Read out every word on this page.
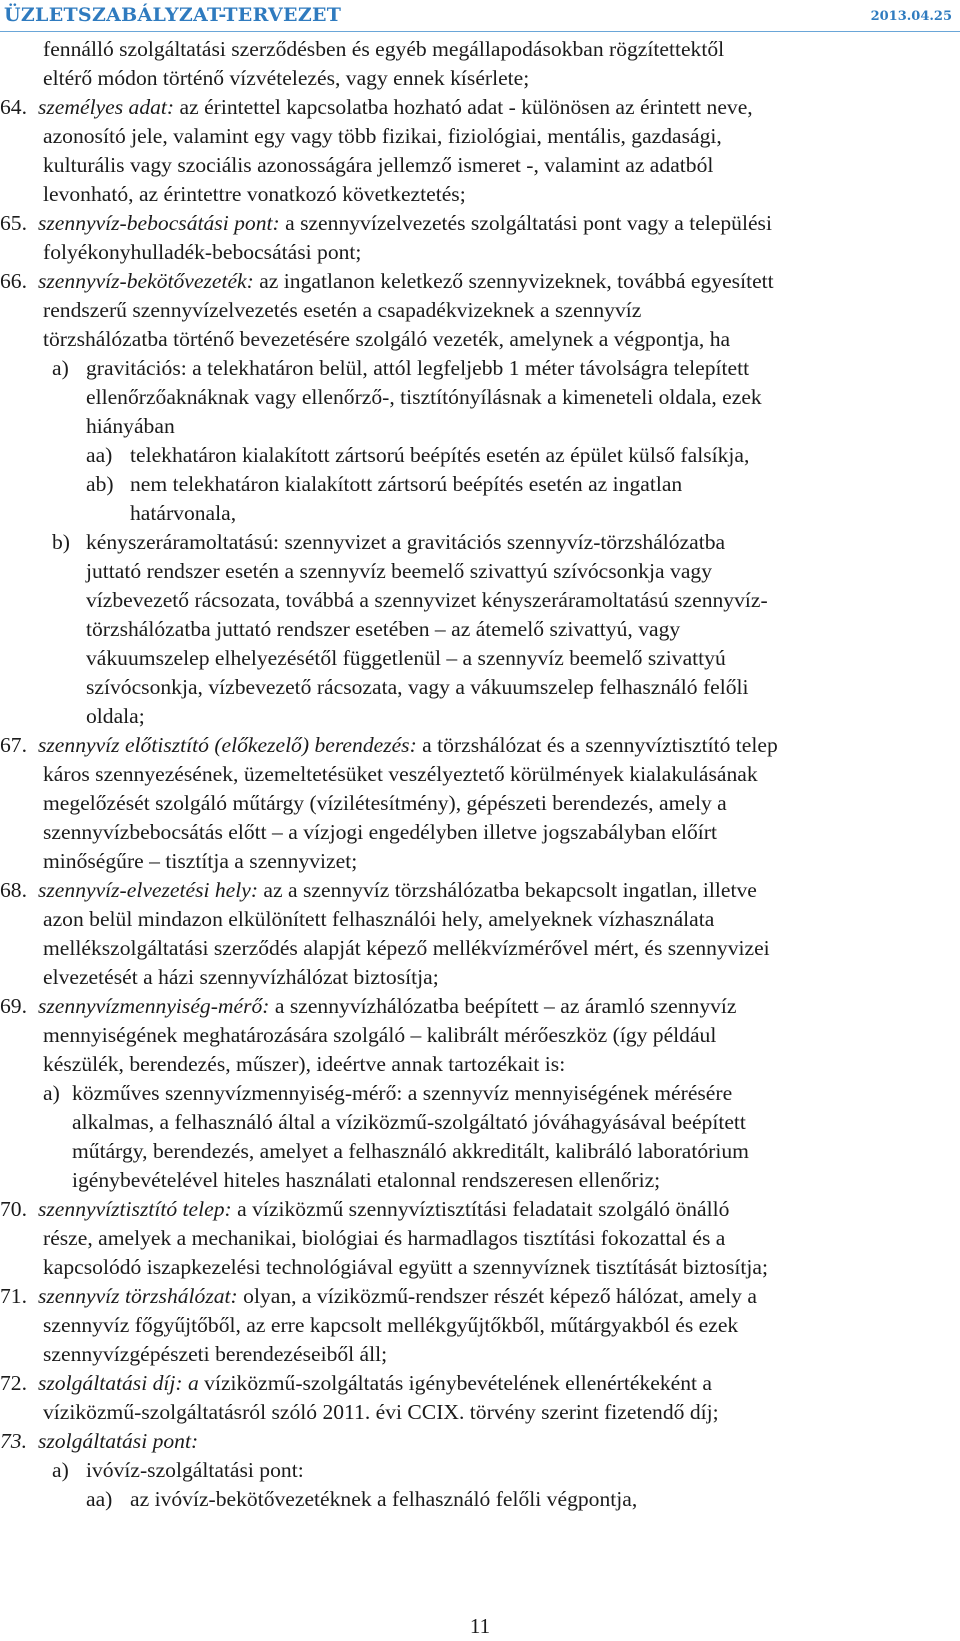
ÜZLETSZABÁLYZAT-TERVEZET	2013.04.25
fennálló szolgáltatási szerződésben és egyéb megállapodásokban rögzítettektől
eltérő módon történő vízvételezés, vagy ennek kísérlete;
64. személyes adat: az érintettel kapcsolatba hozható adat - különösen az érintett neve,
azonosító jele, valamint egy vagy több fizikai, fiziológiai, mentális, gazdasági,
kulturális vagy szociális azonosságára jellemző ismeret -, valamint az adatból
levonható, az érintettre vonatkozó következtetés;
65. szennyvíz-bebocsátási pont: a szennyvízelvezetés szolgáltatási pont vagy a települési
folyékonyhulladék-bebocsátási pont;
66. szennyvíz-bekötővezeték: az ingatlanon keletkező szennyvizeknek, továbbá egyesített
rendszerű szennyvízelvezetés esetén a csapadékvizeknek a szennyvíz
törzshálózatba történő bevezetésére szolgáló vezeték, amelynek a végpontja, ha
a) gravitációs: a telekhatáron belül, attól legfeljebb 1 méter távolságra telepített
ellenőrzőaknáknak vagy ellenőrző-, tisztítónyílásnak a kimeneteli oldala, ezek
hiányában
aa) telekhatáron kialakított zártsorú beépítés esetén az épület külső falsíkja,
ab) nem telekhatáron kialakított zártsorú beépítés esetén az ingatlan
határvonala,
b) kényszeráramoltatású: szennyvizet a gravitációs szennyvíz-törzshálózatba
juttató rendszer esetén a szennyvíz beemelő szivattyú szívócsonkja vagy
vízbevezető rácsozata, továbbá a szennyvizet kényszeráramoltatású szennyvíz-
törzshálózatba juttató rendszer esetében – az átemelő szivattyú, vagy
vákuumszelep elhelyezésétől függetlenül – a szennyvíz beemelő szivattyú
szívócsonkja, vízbevezető rácsozata, vagy a vákuumszelep felhasználó felőli
oldala;
67. szennyvíz előtisztító (előkezelő) berendezés: a törzshálózat és a szennyvíztisztító telep
káros szennyezésének, üzemeltetésüket veszélyeztető körülmények kialakulásának
megelőzését szolgáló műtárgy (vízilétesítmény), gépészeti berendezés, amely a
szennyvízbebocsátás előtt – a vízjogi engedélyben illetve jogszabályban előírt
minőségűre – tisztítja a szennyvizet;
68. szennyvíz-elvezetési hely: az a szennyvíz törzshálózatba bekapcsolt ingatlan, illetve
azon belül mindazon elkülönített felhasználói hely, amelyeknek vízhasználata
mellékszolgáltatási szerződés alapját képező mellékvízmérővel mért, és szennyvizei
elvezetését a házi szennyvízhálózat biztosítja;
69. szennyvízmennyiség-mérő: a szennyvízhálózatba beépített – az áramló szennyvíz
mennyiségének meghatározására szolgáló – kalibrált mérőeszköz (így például
készülék, berendezés, műszer), ideértve annak tartozékait is:
a) közműves szennyvízmennyiség-mérő: a szennyvíz mennyiségének mérésére
alkalmas, a felhasználó által a víziközmű-szolgáltató jóváhagyásával beépített
műtárgy, berendezés, amelyet a felhasználó akkreditált, kalibráló laboratórium
igénybevételével hiteles használati etalonnal rendszeresen ellenőriz;
70. szennyvíztisztító telep: a víziközmű szennyvíztisztítási feladatait szolgáló önálló
része, amelyek a mechanikai, biológiai és harmadlagos tisztítási fokozattal és a
kapcsolódó iszapkezelési technológiával együtt a szennyvíznek tisztítását biztosítja;
71. szennyvíz törzshálózat: olyan, a víziközmű-rendszer részét képező hálózat, amely a
szennyvíz főgyűjtőből, az erre kapcsolt mellékgyűjtőkből, műtárgyakból és ezek
szennyvízgépészeti berendezéseiből áll;
72. szolgáltatási díj: a víziközmű-szolgáltatás igénybevételének ellenértékeként a
víziközmű-szolgáltatásról szóló 2011. évi CCIX. törvény szerint fizetendő díj;
73. szolgáltatási pont:
a) ivóvíz-szolgáltatási pont:
aa) az ivóvíz-bekötővezetéknek a felhasználó felőli végpontja,
11
